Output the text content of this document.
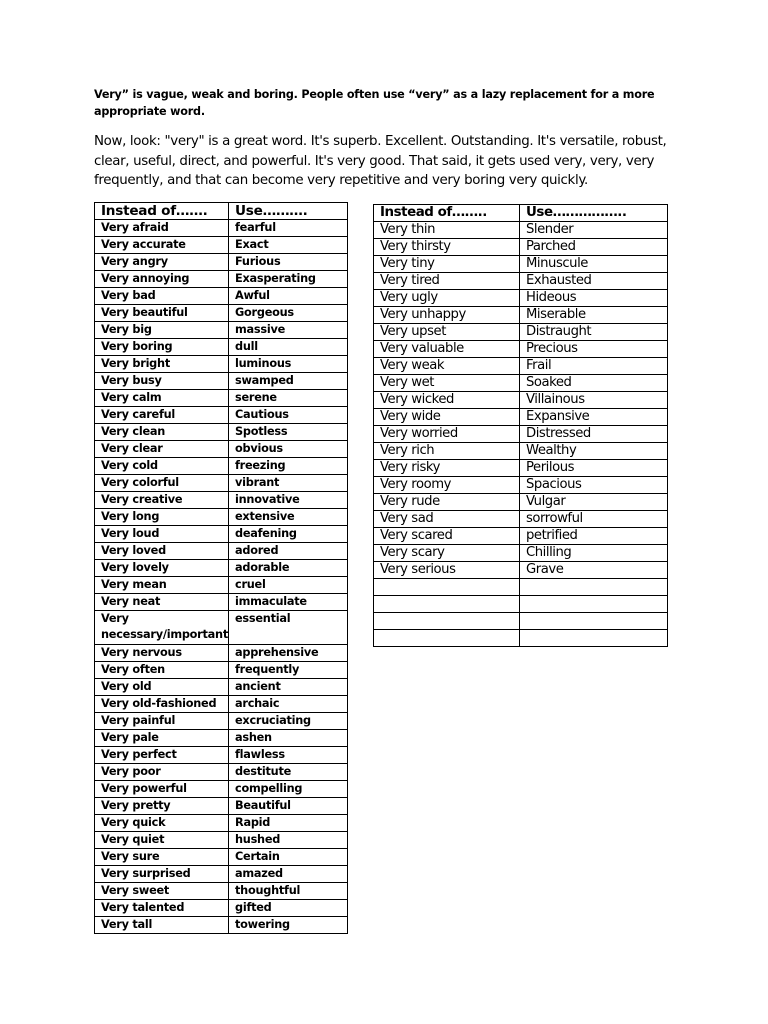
Very” is vague, weak and boring. People often use “very” as a lazy replacement for a more appropriate word.

Now, look: "very" is a great word. It's superb. Excellent. Outstanding. It's versatile, robust, clear, useful, direct, and powerful. It's very good. That said, it gets used very, very, very frequently, and that can become very repetitive and very boring very quickly.

Instead of…….	Use……….
Very afraid	fearful
Very accurate	Exact
Very angry	Furious
Very annoying	Exasperating
Very bad	Awful
Very beautiful	Gorgeous
Very big	massive
Very boring	dull
Very bright	luminous
Very busy	swamped
Very calm	serene
Very careful	Cautious
Very clean	Spotless
Very clear	obvious
Very cold	freezing
Very colorful	vibrant
Very creative	innovative
Very long	extensive
Very loud	deafening
Very loved	adored
Very lovely	adorable
Very mean	cruel
Very neat	immaculate
Very necessary/important	essential
Very nervous	apprehensive
Very often	frequently
Very old	ancient
Very old-fashioned	archaic
Very painful	excruciating
Very pale	ashen
Very perfect	flawless
Very poor	destitute
Very powerful	compelling
Very pretty	Beautiful
Very quick	Rapid
Very quiet	hushed
Very sure	Certain
Very surprised	amazed
Very sweet	thoughtful
Very talented	gifted
Very tall	towering
Instead of……..	Use……………..
Very thin	Slender
Very thirsty	Parched
Very tiny	Minuscule
Very tired	Exhausted
Very ugly	Hideous
Very unhappy	Miserable
Very upset	Distraught
Very valuable	Precious
Very weak	Frail
Very wet	Soaked
Very wicked	Villainous
Very wide	Expansive
Very worried	Distressed
Very rich	Wealthy
Very risky	Perilous
Very roomy	Spacious
Very rude	Vulgar
Very sad	sorrowful
Very scared	petrified
Very scary	Chilling
Very serious	Grave
